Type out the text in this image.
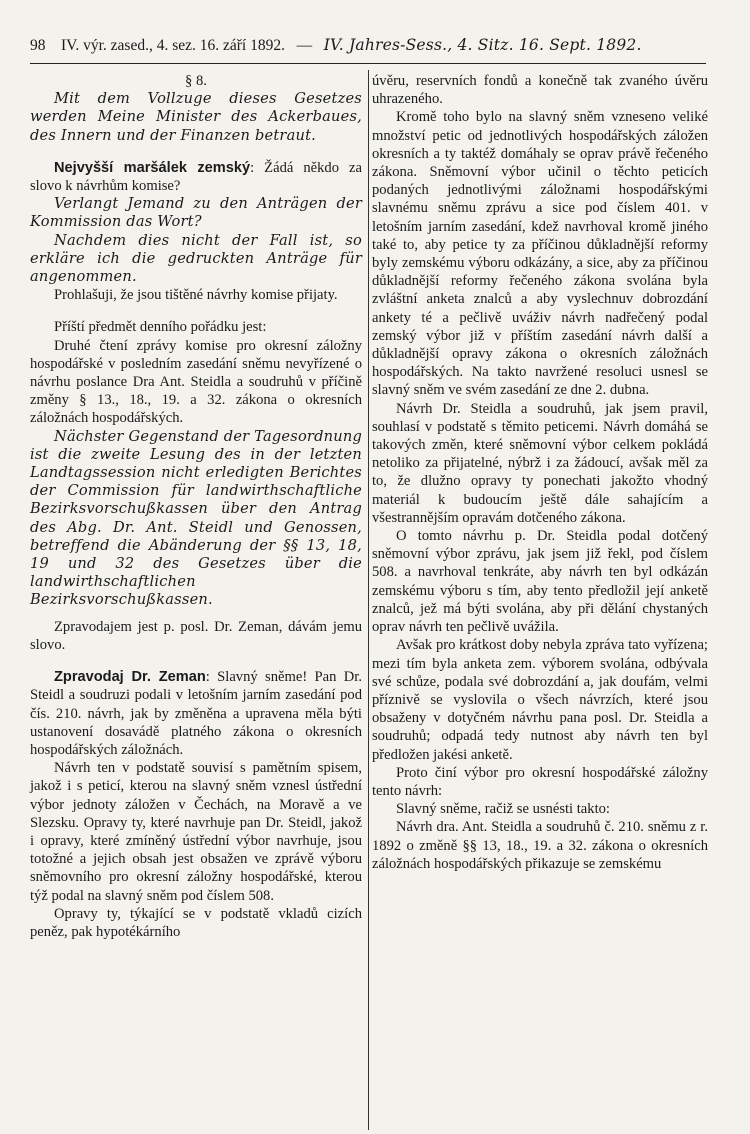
98 IV. výr. zased., 4. sez. 16. září 1892. — IV. Jahres-Sess., 4. Sitz. 16. Sept. 1892.

§ 8.

Mit dem Vollzuge dieses Gesetzes werden Meine Minister des Ackerbaues, des Innern und der Finanzen betraut.

Nejvyšší maršálek zemský: Žádá někdo za slovo k návrhům komise?

Verlangt Jemand zu den Anträgen der Kommission das Wort?

Nachdem dies nicht der Fall ist, so erkläre ich die gedruckten Anträge für angenommen.

Prohlašuji, že jsou tištěné návrhy komise přijaty.

Příští předmět denního pořádku jest:

Druhé čtení zprávy komise pro okresní záložny hospodářské v posledním zasedání sněmu nevyřízené o návrhu poslance Dra Ant. Steidla a soudruhů v příčině změny § 13., 18., 19. a 32. zákona o okresních záložnách hospodářských.

Nächster Gegenstand der Tagesordnung ist die zweite Lesung des in der letzten Landtagssession nicht erledigten Berichtes der Commission für landwirthschaftliche Bezirksvorschußkassen über den Antrag des Abg. Dr. Ant. Steidl und Genossen, betreffend die Abänderung der §§ 13, 18, 19 und 32 des Gesetzes über die landwirthschaftlichen Bezirksvorschußkassen.

Zpravodajem jest p. posl. Dr. Zeman, dávám jemu slovo.

Zpravodaj Dr. Zeman: Slavný sněme! Pan Dr. Steidl a soudruzi podali v letošním jarním zasedání pod čís. 210. návrh, jak by změněna a upravena měla býti ustanovení dosavádě platného zákona o okresních hospodářských záložnách.

Návrh ten v podstatě souvisí s pamětním spisem, jakož i s peticí, kterou na slavný sněm vznesl ústřední výbor jednoty záložen v Čechách, na Moravě a ve Slezsku. Opravy ty, které navrhuje pan Dr. Steidl, jakož i opravy, které zmíněný ústřední výbor navrhuje, jsou totožné a jejich obsah jest obsažen ve zprávě výboru sněmovního pro okresní záložny hospodářské, kterou týž podal na slavný sněm pod číslem 508.

Opravy ty, týkající se v podstatě vkladů cizích peněz, pak hypotékárního

úvěru, reservních fondů a konečně tak zvaného úvěru uhrazeného.

Kromě toho bylo na slavný sněm vzneseno veliké množství petic od jednotlivých hospodářských záložen okresních a ty taktéž domáhaly se oprav právě řečeného zákona. Sněmovní výbor učinil o těchto peticích podaných jednotlivými záložnami hospodářskými slavnému sněmu zprávu a sice pod číslem 401. v letošním jarním zasedání, kdež navrhoval kromě jiného také to, aby petice ty za příčinou důkladnější reformy byly zemskému výboru odkázány, a sice, aby za příčinou důkladnější reformy řečeného zákona svolána byla zvláštní anketa znalců a aby vyslechnuv dobrozdání ankety té a pečlivě uváživ návrh nadřečený podal zemský výbor již v příštím zasedání návrh další a důkladnější opravy zákona o okresních záložnách hospodářských. Na takto navržené resoluci usnesl se slavný sněm ve svém zasedání ze dne 2. dubna.

Návrh Dr. Steidla a soudruhů, jak jsem pravil, souhlasí v podstatě s těmito peticemi. Návrh domáhá se takových změn, které sněmovní výbor celkem pokládá netoliko za přijatelné, nýbrž i za žádoucí, avšak měl za to, že dlužno opravy ty ponechati jakožto vhodný materiál k budoucím ještě dále sahajícím a všestrannějším opravám dotčeného zákona.

O tomto návrhu p. Dr. Steidla podal dotčený sněmovní výbor zprávu, jak jsem již řekl, pod číslem 508. a navrhoval tenkráte, aby návrh ten byl odkázán zemskému výboru s tím, aby tento předložil její anketě znalců, jež má býti svolána, aby při dělání chystaných oprav návrh ten pečlivě uvážila.

Avšak pro krátkost doby nebyla zpráva tato vyřízena; mezi tím byla anketa zem. výborem svolána, odbývala své schůze, podala své dobrozdání a, jak doufám, velmi příznivě se vyslovila o všech návrzích, které jsou obsaženy v dotyčném návrhu pana posl. Dr. Steidla a soudruhů; odpadá tedy nutnost aby návrh ten byl předložen jakési anketě.

Proto činí výbor pro okresní hospodářské záložny tento návrh:

Slavný sněme, račiž se usnésti takto:

Návrh dra. Ant. Steidla a soudruhů č. 210. sněmu z r. 1892 o změně §§ 13, 18., 19. a 32. zákona o okresních záložnách hospodářských přikazuje se zemskému
